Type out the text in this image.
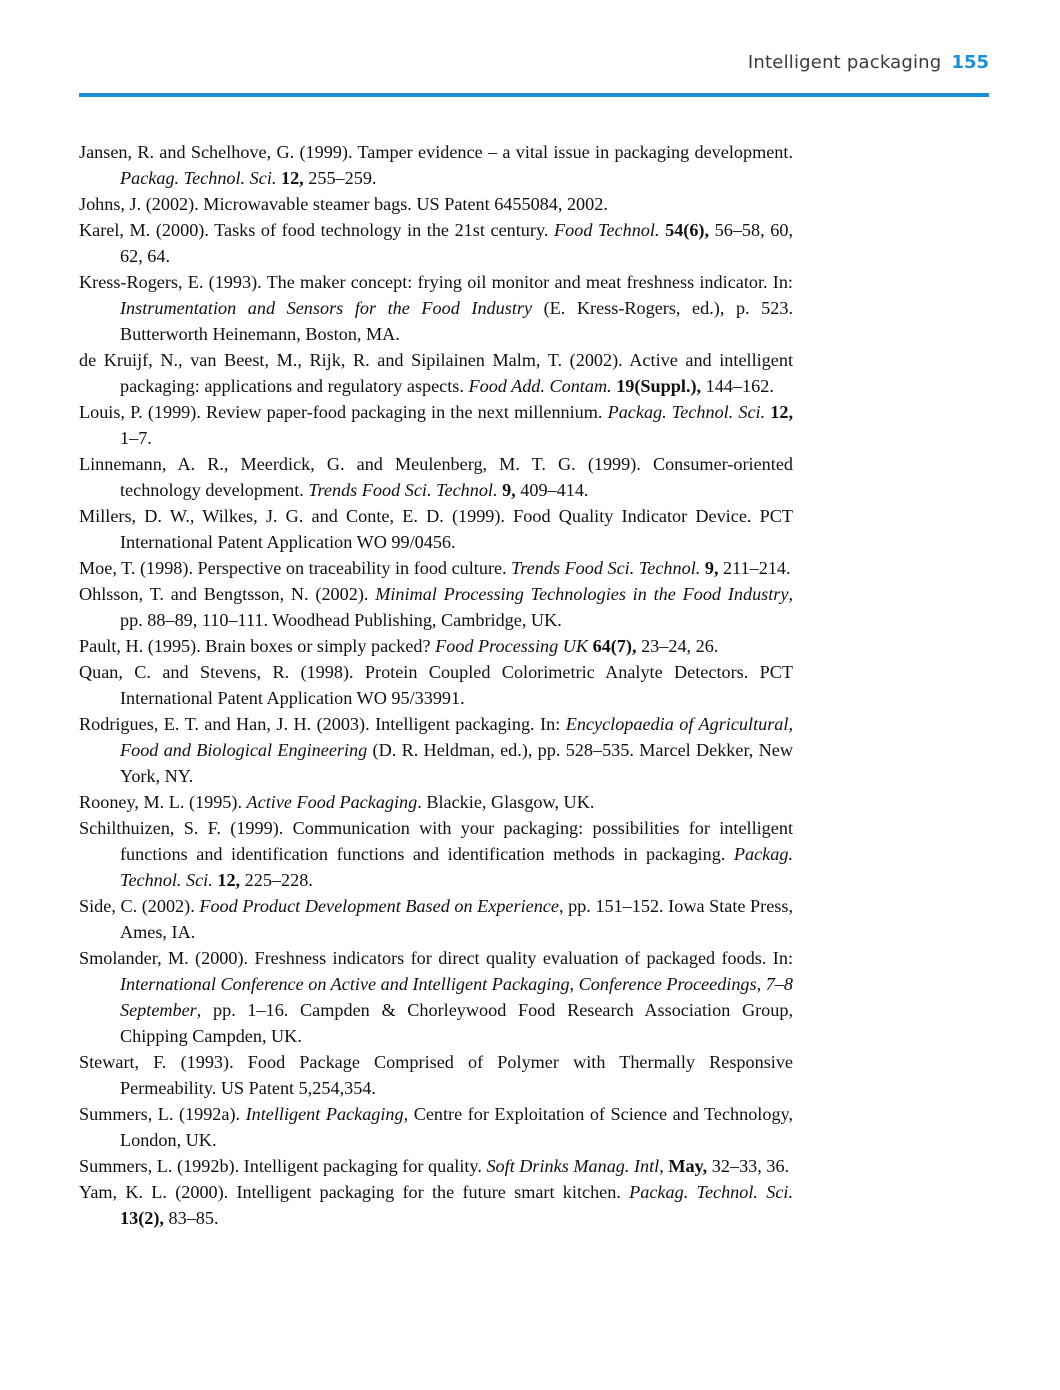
Intelligent packaging 155

Jansen, R. and Schelhove, G. (1999). Tamper evidence – a vital issue in packaging development. Packag. Technol. Sci. 12, 255–259.

Johns, J. (2002). Microwavable steamer bags. US Patent 6455084, 2002.

Karel, M. (2000). Tasks of food technology in the 21st century. Food Technol. 54(6), 56–58, 60, 62, 64.

Kress-Rogers, E. (1993). The maker concept: frying oil monitor and meat freshness indicator. In: Instrumentation and Sensors for the Food Industry (E. Kress-Rogers, ed.), p. 523. Butterworth Heinemann, Boston, MA.

de Kruijf, N., van Beest, M., Rijk, R. and Sipilainen Malm, T. (2002). Active and intelligent packaging: applications and regulatory aspects. Food Add. Contam. 19(Suppl.), 144–162.

Louis, P. (1999). Review paper-food packaging in the next millennium. Packag. Technol. Sci. 12, 1–7.

Linnemann, A. R., Meerdick, G. and Meulenberg, M. T. G. (1999). Consumer-oriented technology development. Trends Food Sci. Technol. 9, 409–414.

Millers, D. W., Wilkes, J. G. and Conte, E. D. (1999). Food Quality Indicator Device. PCT International Patent Application WO 99/0456.

Moe, T. (1998). Perspective on traceability in food culture. Trends Food Sci. Technol. 9, 211–214.

Ohlsson, T. and Bengtsson, N. (2002). Minimal Processing Technologies in the Food Industry, pp. 88–89, 110–111. Woodhead Publishing, Cambridge, UK.

Pault, H. (1995). Brain boxes or simply packed? Food Processing UK 64(7), 23–24, 26.

Quan, C. and Stevens, R. (1998). Protein Coupled Colorimetric Analyte Detectors. PCT International Patent Application WO 95/33991.

Rodrigues, E. T. and Han, J. H. (2003). Intelligent packaging. In: Encyclopaedia of Agricultural, Food and Biological Engineering (D. R. Heldman, ed.), pp. 528–535. Marcel Dekker, New York, NY.

Rooney, M. L. (1995). Active Food Packaging. Blackie, Glasgow, UK.

Schilthuizen, S. F. (1999). Communication with your packaging: possibilities for intelligent functions and identification functions and identification methods in packaging. Packag. Technol. Sci. 12, 225–228.

Side, C. (2002). Food Product Development Based on Experience, pp. 151–152. Iowa State Press, Ames, IA.

Smolander, M. (2000). Freshness indicators for direct quality evaluation of packaged foods. In: International Conference on Active and Intelligent Packaging, Conference Proceedings, 7–8 September, pp. 1–16. Campden & Chorleywood Food Research Association Group, Chipping Campden, UK.

Stewart, F. (1993). Food Package Comprised of Polymer with Thermally Responsive Permeability. US Patent 5,254,354.

Summers, L. (1992a). Intelligent Packaging, Centre for Exploitation of Science and Technology, London, UK.

Summers, L. (1992b). Intelligent packaging for quality. Soft Drinks Manag. Intl, May, 32–33, 36.

Yam, K. L. (2000). Intelligent packaging for the future smart kitchen. Packag. Technol. Sci. 13(2), 83–85.
